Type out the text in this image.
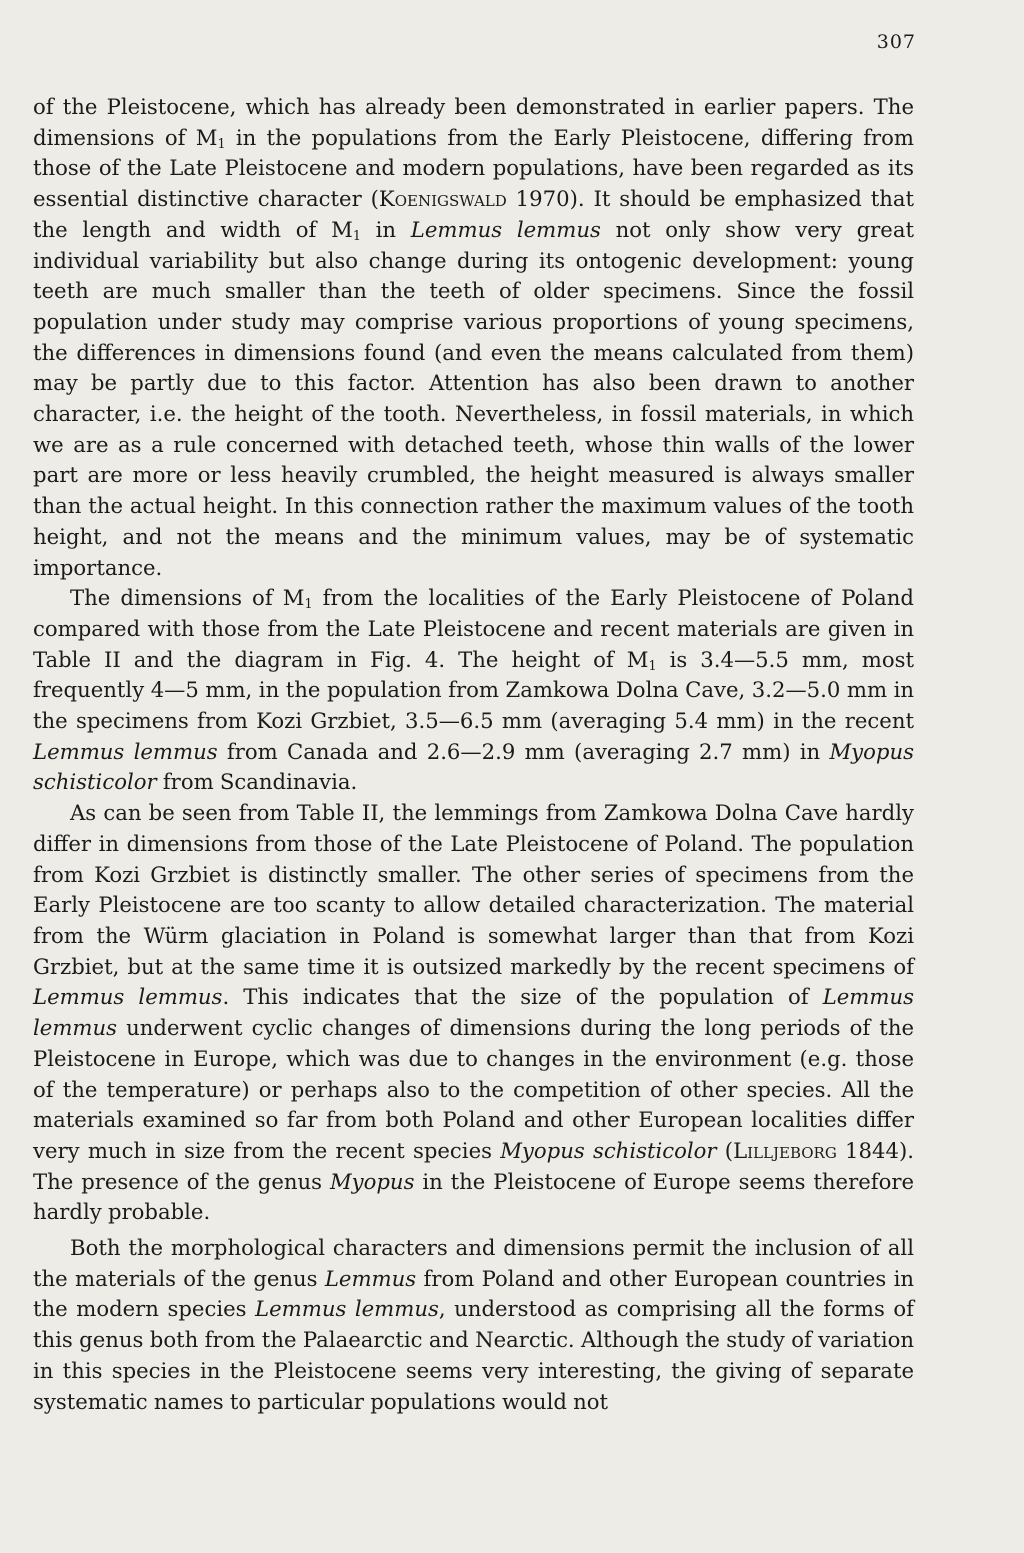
307

of the Pleistocene, which has already been demonstrated in earlier papers. The dimensions of $M_1$ in the populations from the Early Pleistocene, differing from those of the Late Pleistocene and modern populations, have been regarded as its essential distinctive character (Koenigswald 1970). It should be emphasized that the length and width of $M_1$ in Lemmus lemmus not only show very great individual variability but also change during its ontogenic development: young teeth are much smaller than the teeth of older specimens. Since the fossil population under study may comprise various proportions of young specimens, the differences in dimensions found (and even the means calculated from them) may be partly due to this factor. Attention has also been drawn to another character, i.e. the height of the tooth. Nevertheless, in fossil materials, in which we are as a rule concerned with detached teeth, whose thin walls of the lower part are more or less heavily crumbled, the height measured is always smaller than the actual height. In this connection rather the maximum values of the tooth height, and not the means and the minimum values, may be of systematic importance.

The dimensions of $M_1$ from the localities of the Early Pleistocene of Poland compared with those from the Late Pleistocene and recent materials are given in Table II and the diagram in Fig. 4. The height of $M_1$ is 3.4—5.5 mm, most frequently 4—5 mm, in the population from Zamkowa Dolna Cave, 3.2—5.0 mm in the specimens from Kozi Grzbiet, 3.5—6.5 mm (averaging 5.4 mm) in the recent Lemmus lemmus from Canada and 2.6—2.9 mm (averaging 2.7 mm) in Myopus schisticolor from Scandinavia.

As can be seen from Table II, the lemmings from Zamkowa Dolna Cave hardly differ in dimensions from those of the Late Pleistocene of Poland. The population from Kozi Grzbiet is distinctly smaller. The other series of specimens from the Early Pleistocene are too scanty to allow detailed characterization. The material from the Würm glaciation in Poland is somewhat larger than that from Kozi Grzbiet, but at the same time it is outsized markedly by the recent specimens of Lemmus lemmus. This indicates that the size of the population of Lemmus lemmus underwent cyclic changes of dimensions during the long periods of the Pleistocene in Europe, which was due to changes in the environment (e.g. those of the temperature) or perhaps also to the competition of other species. All the materials examined so far from both Poland and other European localities differ very much in size from the recent species Myopus schisticolor (Lilljeborg 1844). The presence of the genus Myopus in the Pleistocene of Europe seems therefore hardly probable.

Both the morphological characters and dimensions permit the inclusion of all the materials of the genus Lemmus from Poland and other European countries in the modern species Lemmus lemmus, understood as comprising all the forms of this genus both from the Palaearctic and Nearctic. Although the study of variation in this species in the Pleistocene seems very interesting, the giving of separate systematic names to particular populations would not
